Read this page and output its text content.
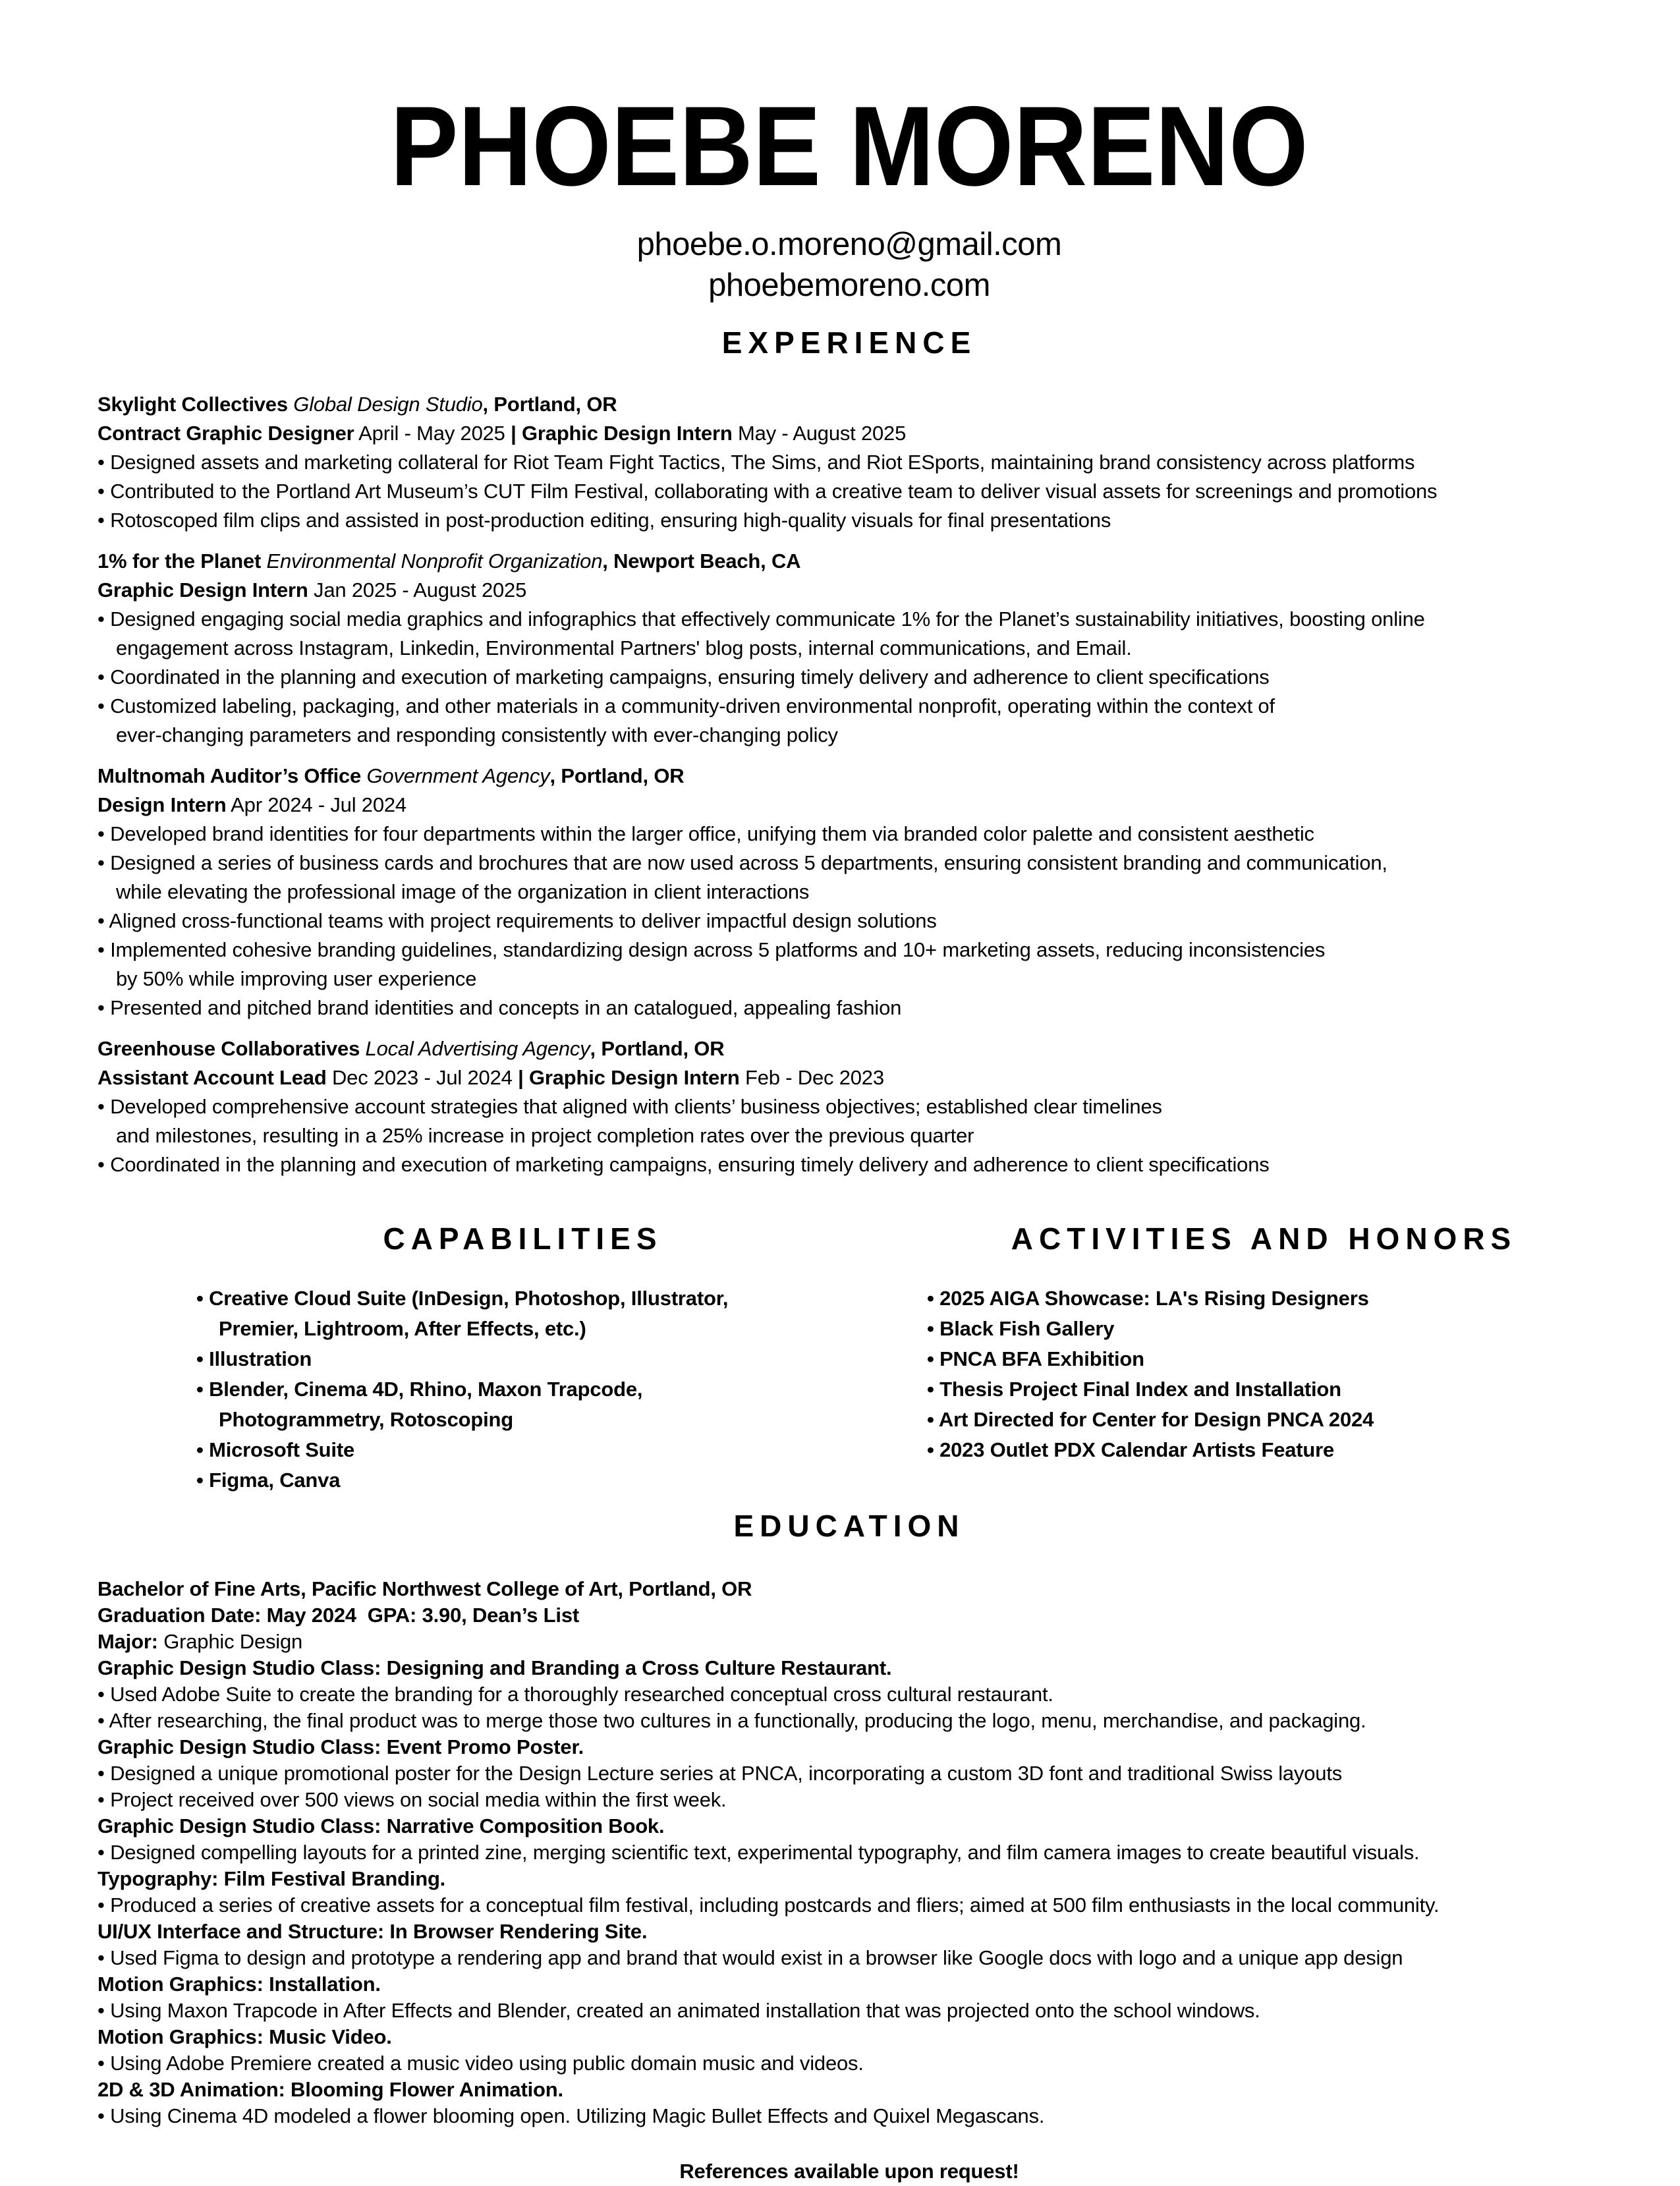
PHOEBE MORENO
phoebe.o.moreno@gmail.com
phoebemoreno.com
EXPERIENCE

Skylight Collectives Global Design Studio, Portland, OR

Contract Graphic Designer April - May 2025 | Graphic Design Intern May - August 2025

• Designed assets and marketing collateral for Riot Team Fight Tactics, The Sims, and Riot ESports, maintaining brand consistency across platforms
• Contributed to the Portland Art Museum’s CUT Film Festival, collaborating with a creative team to deliver visual assets for screenings and promotions
• Rotoscoped film clips and assisted in post-production editing, ensuring high-quality visuals for final presentations

1% for the Planet Environmental Nonprofit Organization, Newport Beach, CA

Graphic Design Intern Jan 2025 - August 2025

• Designed engaging social media graphics and infographics that effectively communicate 1% for the Planet’s sustainability initiatives, boosting online
engagement across Instagram, Linkedin, Environmental Partners' blog posts, internal communications, and Email.
• Coordinated in the planning and execution of marketing campaigns, ensuring timely delivery and adherence to client specifications
• Customized labeling, packaging, and other materials in a community-driven environmental nonprofit, operating within the context of
ever-changing parameters and responding consistently with ever-changing policy

Multnomah Auditor’s Office Government Agency, Portland, OR

Design Intern Apr 2024 - Jul 2024

• Developed brand identities for four departments within the larger office, unifying them via branded color palette and consistent aesthetic
• Designed a series of business cards and brochures that are now used across 5 departments, ensuring consistent branding and communication,
while elevating the professional image of the organization in client interactions
• Aligned cross-functional teams with project requirements to deliver impactful design solutions
• Implemented cohesive branding guidelines, standardizing design across 5 platforms and 10+ marketing assets, reducing inconsistencies
by 50% while improving user experience
• Presented and pitched brand identities and concepts in an catalogued, appealing fashion

Greenhouse Collaboratives Local Advertising Agency, Portland, OR

Assistant Account Lead Dec 2023 - Jul 2024 | Graphic Design Intern Feb - Dec 2023

• Developed comprehensive account strategies that aligned with clients’ business objectives; established clear timelines
and milestones, resulting in a 25% increase in project completion rates over the previous quarter
• Coordinated in the planning and execution of marketing campaigns, ensuring timely delivery and adherence to client specifications
CAPABILITIES
• Creative Cloud Suite (InDesign, Photoshop, Illustrator,
Premier, Lightroom, After Effects, etc.)
• Illustration
• Blender, Cinema 4D, Rhino, Maxon Trapcode,
Photogrammetry, Rotoscoping
• Microsoft Suite
• Figma, Canva
ACTIVITIES AND HONORS
• 2025 AIGA Showcase: LA's Rising Designers
• Black Fish Gallery
• PNCA BFA Exhibition
• Thesis Project Final Index and Installation
• Art Directed for Center for Design PNCA 2024
• 2023 Outlet PDX Calendar Artists Feature
EDUCATION

Bachelor of Fine Arts, Pacific Northwest College of Art, Portland, OR

Graduation Date: May 2024  GPA: 3.90, Dean’s List

Major: Graphic Design

Graphic Design Studio Class: Designing and Branding a Cross Culture Restaurant.

• Used Adobe Suite to create the branding for a thoroughly researched conceptual cross cultural restaurant.
• After researching, the final product was to merge those two cultures in a functionally, producing the logo, menu, merchandise, and packaging.

Graphic Design Studio Class: Event Promo Poster.

• Designed a unique promotional poster for the Design Lecture series at PNCA, incorporating a custom 3D font and traditional Swiss layouts
• Project received over 500 views on social media within the first week.

Graphic Design Studio Class: Narrative Composition Book.

• Designed compelling layouts for a printed zine, merging scientific text, experimental typography, and film camera images to create beautiful visuals.

Typography: Film Festival Branding.

• Produced a series of creative assets for a conceptual film festival, including postcards and fliers; aimed at 500 film enthusiasts in the local community.

UI/UX Interface and Structure: In Browser Rendering Site.

• Used Figma to design and prototype a rendering app and brand that would exist in a browser like Google docs with logo and a unique app design

Motion Graphics: Installation.

• Using Maxon Trapcode in After Effects and Blender, created an animated installation that was projected onto the school windows.

Motion Graphics: Music Video.

• Using Adobe Premiere created a music video using public domain music and videos.

2D & 3D Animation: Blooming Flower Animation.

• Using Cinema 4D modeled a flower blooming open. Utilizing Magic Bullet Effects and Quixel Megascans.
References available upon request!
